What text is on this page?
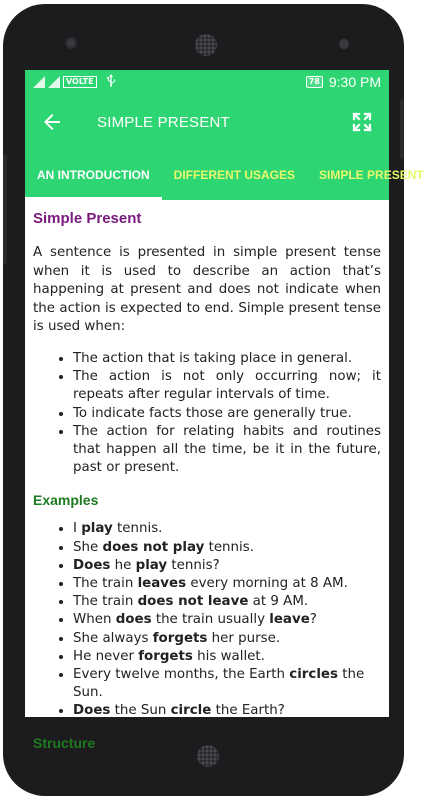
VOLTE	78 9:30 PM
SIMPLE PRESENT
AN INTRODUCTION DIFFERENT USAGES SIMPLE PRESENT
Simple Present
A sentence is presented in simple present tense when it is used to describe an action that’s happening at present and does not indicate when the action is expected to end. Simple present tense is used when:
• The action that is taking place in general.
• The action is not only occurring now; it repeats after regular intervals of time.
• To indicate facts those are generally true.
• The action for relating habits and routines that happen all the time, be it in the future, past or present.
Examples
• I play tennis.
• She does not play tennis.
• Does he play tennis?
• The train leaves every morning at 8 AM.
• The train does not leave at 9 AM.
• When does the train usually leave?
• She always forgets her purse.
• He never forgets his wallet.
• Every twelve months, the Earth circles the Sun.
• Does the Sun circle the Earth?
Structure
